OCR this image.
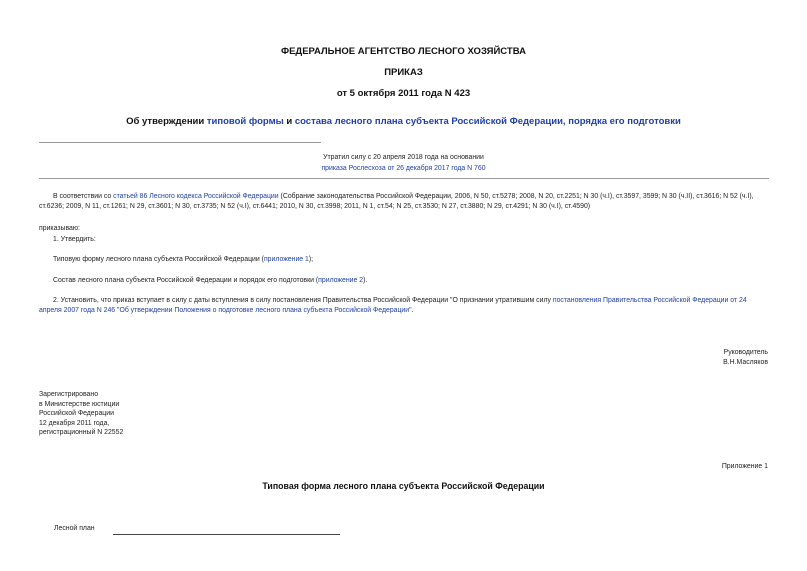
ФЕДЕРАЛЬНОЕ АГЕНТСТВО ЛЕСНОГО ХОЗЯЙСТВА
ПРИКАЗ
от 5 октября 2011 года N 423
Об утверждении типовой формы и состава лесного плана субъекта Российской Федерации, порядка его подготовки
Утратил силу с 20 апреля 2018 года на основании
приказа Рослесхоза от 26 декабря 2017 года N 760
В соответствии со статьей 86 Лесного кодекса Российской Федерации (Собрание законодательства Российской Федерации, 2006, N 50, ст.5278; 2008, N 20, ст.2251; N 30 (ч.I), ст.3597, 3599; N 30 (ч.II), ст.3616; N 52 (ч.I), ст.6236; 2009, N 11, ст.1261; N 29, ст.3601; N 30, ст.3735; N 52 (ч.I), ст.6441; 2010, N 30, ст.3998; 2011, N 1, ст.54; N 25, ст.3530; N 27, ст.3880; N 29, ст.4291; N 30 (ч.I), ст.4590)
приказываю:
1. Утвердить:
Типовую форму лесного плана субъекта Российской Федерации (приложение 1);
Состав лесного плана субъекта Российской Федерации и порядок его подготовки (приложение 2).
2. Установить, что приказ вступает в силу с даты вступления в силу постановления Правительства Российской Федерации "О признании утратившим силу постановления Правительства Российской Федерации от 24 апреля 2007 года N 246 "Об утверждении Положения о подготовке лесного плана субъекта Российской Федерации".
Руководитель
В.Н.Масляков
Зарегистрировано
в Министерстве юстиции
Российской Федерации
12 декабря 2011 года,
регистрационный N 22552
Приложение 1
Типовая форма лесного плана субъекта Российской Федерации
Лесной план
